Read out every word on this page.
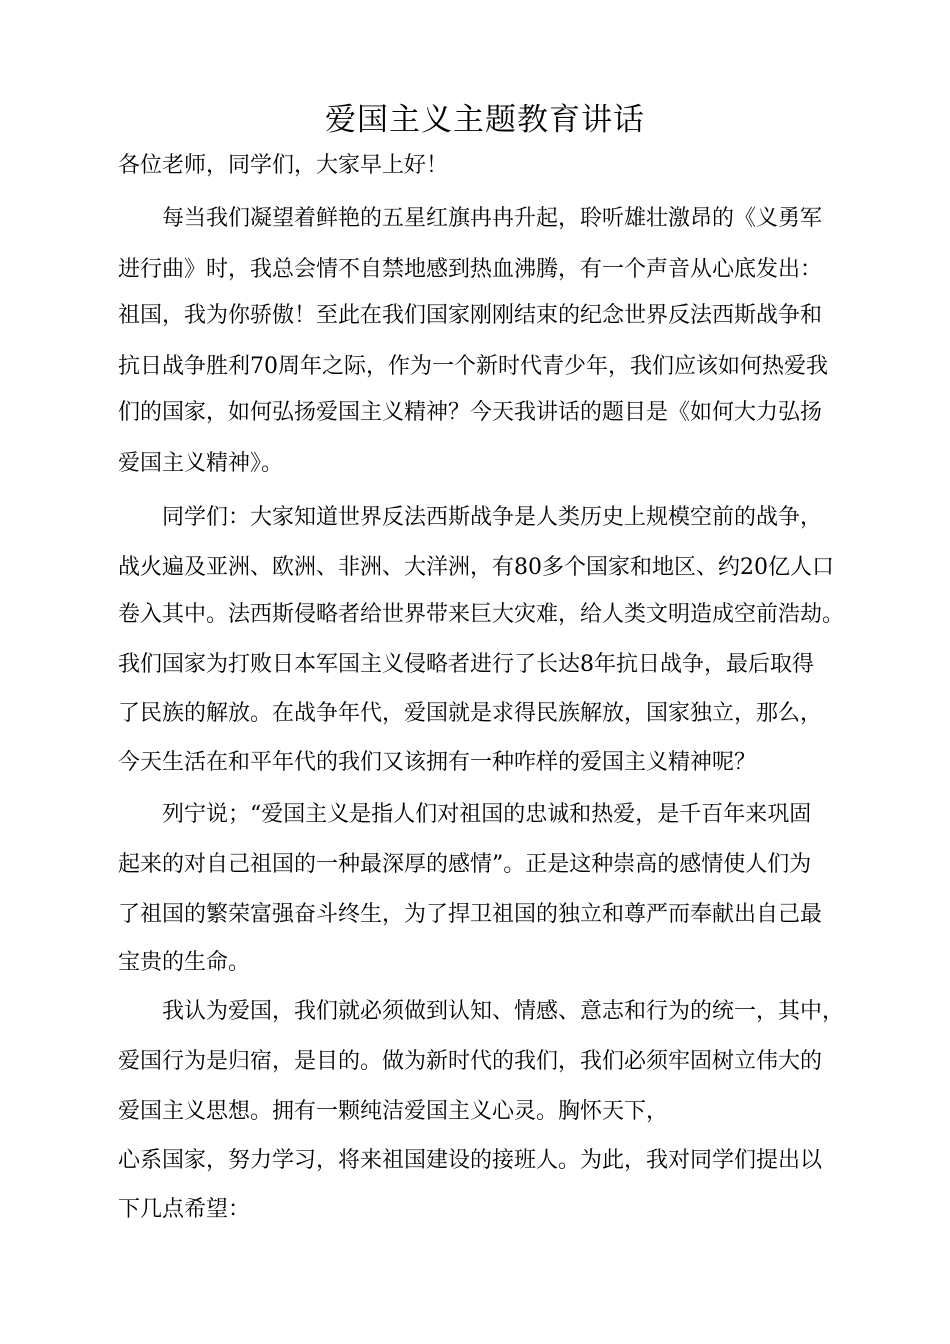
爱国主义主题教育讲话
各位老师，同学们，大家早上好！
　　每当我们凝望着鲜艳的五星红旗冉冉升起，聆听雄壮激昂的《义勇军
进行曲》时，我总会情不自禁地感到热血沸腾，有一个声音从心底发出：
祖国，我为你骄傲！至此在我们国家刚刚结束的纪念世界反法西斯战争和
抗日战争胜利70周年之际，作为一个新时代青少年，我们应该如何热爱我
们的国家，如何弘扬爱国主义精神？今天我讲话的题目是《如何大力弘扬
爱国主义精神》。
　　同学们：大家知道世界反法西斯战争是人类历史上规模空前的战争，
战火遍及亚洲、欧洲、非洲、大洋洲，有80多个国家和地区、约20亿人口
卷入其中。法西斯侵略者给世界带来巨大灾难，给人类文明造成空前浩劫。
我们国家为打败日本军国主义侵略者进行了长达8年抗日战争，最后取得
了民族的解放。在战争年代，爱国就是求得民族解放，国家独立，那么，
今天生活在和平年代的我们又该拥有一种咋样的爱国主义精神呢？
　　列宁说；“爱国主义是指人们对祖国的忠诚和热爱，是千百年来巩固
起来的对自己祖国的一种最深厚的感情”。正是这种崇高的感情使人们为
了祖国的繁荣富强奋斗终生，为了捍卫祖国的独立和尊严而奉献出自己最
宝贵的生命。
　　我认为爱国，我们就必须做到认知、情感、意志和行为的统一，其中，
爱国行为是归宿，是目的。做为新时代的我们，我们必须牢固树立伟大的
爱国主义思想。拥有一颗纯洁爱国主义心灵。胸怀天下，
心系国家，努力学习，将来祖国建设的接班人。为此，我对同学们提出以
下几点希望：
